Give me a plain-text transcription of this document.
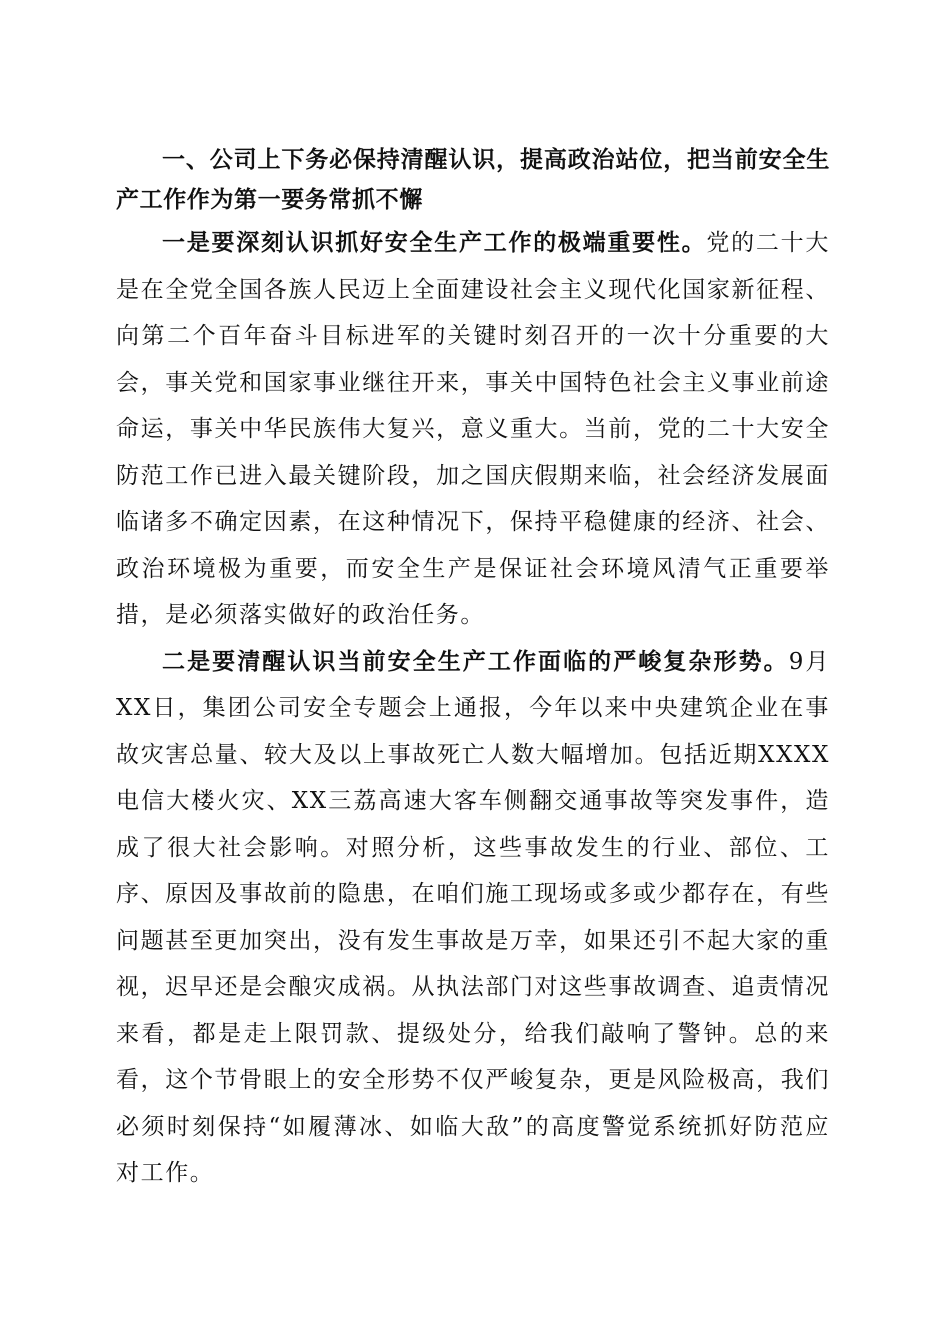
一、公司上下务必保持清醒认识，提高政治站位，把当前安全生产工作作为第一要务常抓不懈

一是要深刻认识抓好安全生产工作的极端重要性。党的二十大是在全党全国各族人民迈上全面建设社会主义现代化国家新征程、向第二个百年奋斗目标进军的关键时刻召开的一次十分重要的大会，事关党和国家事业继往开来，事关中国特色社会主义事业前途命运，事关中华民族伟大复兴，意义重大。当前，党的二十大安全防范工作已进入最关键阶段，加之国庆假期来临，社会经济发展面临诸多不确定因素，在这种情况下，保持平稳健康的经济、社会、政治环境极为重要，而安全生产是保证社会环境风清气正重要举措，是必须落实做好的政治任务。

二是要清醒认识当前安全生产工作面临的严峻复杂形势。9月XX日，集团公司安全专题会上通报，今年以来中央建筑企业在事故灾害总量、较大及以上事故死亡人数大幅增加。包括近期XXXX电信大楼火灾、XX三荔高速大客车侧翻交通事故等突发事件，造成了很大社会影响。对照分析，这些事故发生的行业、部位、工序、原因及事故前的隐患，在咱们施工现场或多或少都存在，有些问题甚至更加突出，没有发生事故是万幸，如果还引不起大家的重视，迟早还是会酿灾成祸。从执法部门对这些事故调查、追责情况来看，都是走上限罚款、提级处分，给我们敲响了警钟。总的来看，这个节骨眼上的安全形势不仅严峻复杂，更是风险极高，我们必须时刻保持“如履薄冰、如临大敌”的高度警觉系统抓好防范应对工作。
